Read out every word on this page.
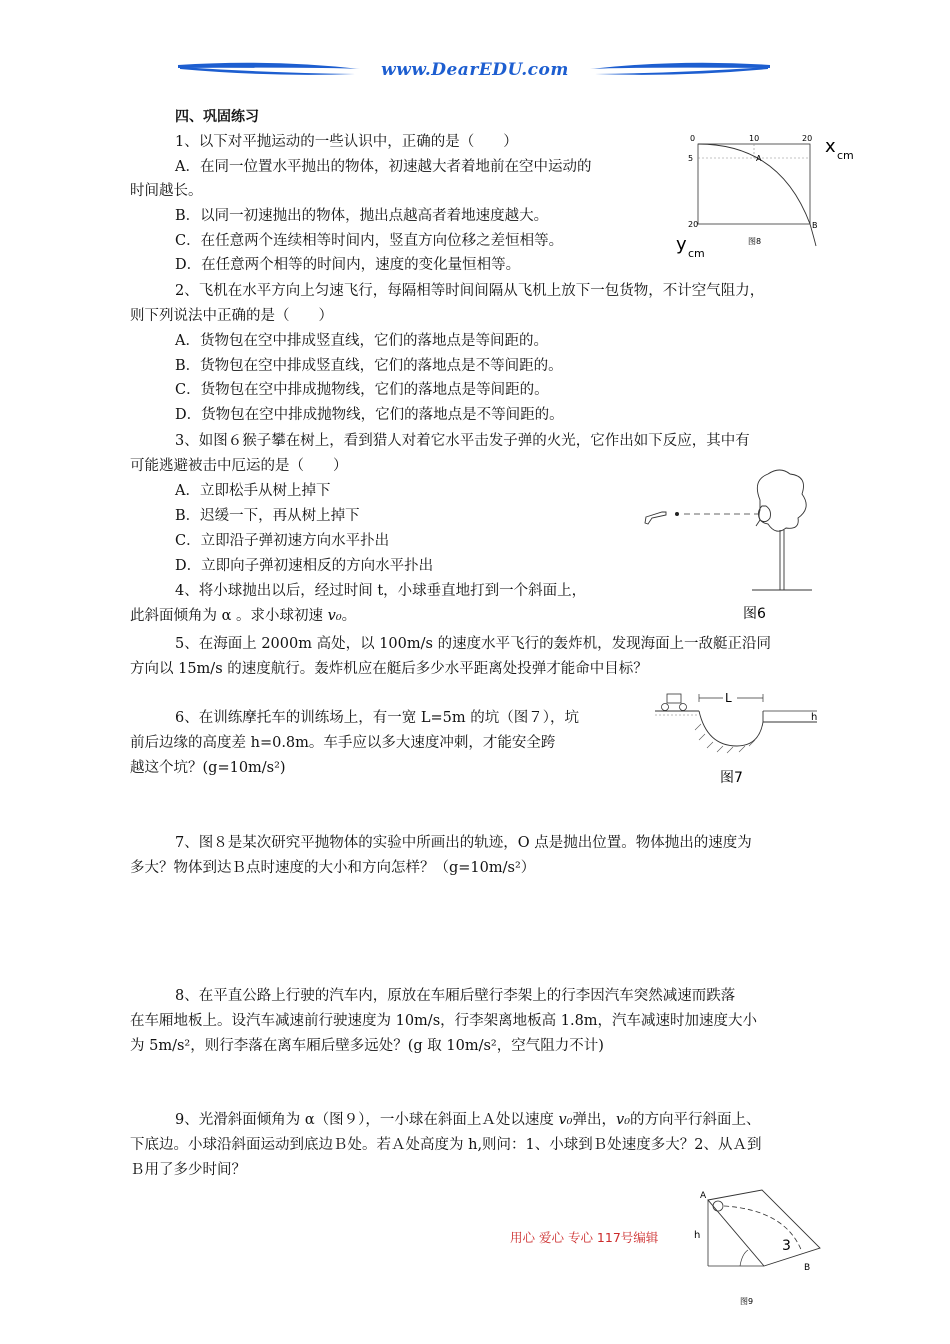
www.DearEDU.com
四、巩固练习
1、以下对平抛运动的一些认识中，正确的是（　　）
A．在同一位置水平抛出的物体，初速越大者着地前在空中运动的
时间越长。
B．以同一初速抛出的物体，抛出点越高者着地速度越大。
C．在任意两个连续相等时间内，竖直方向位移之差恒相等。
D．在任意两个相等的时间内，速度的变化量恒相等。
2、飞机在水平方向上匀速飞行，每隔相等时间间隔从飞机上放下一包货物，不计空气阻力，
则下列说法中正确的是（　　）
A．货物包在空中排成竖直线，它们的落地点是等间距的。
B．货物包在空中排成竖直线，它们的落地点是不等间距的。
C．货物包在空中排成抛物线，它们的落地点是等间距的。
D．货物包在空中排成抛物线，它们的落地点是不等间距的。
3、如图６猴子攀在树上，看到猎人对着它水平击发子弹的火光，它作出如下反应，其中有
可能逃避被击中厄运的是（　　）
A．立即松手从树上掉下
B．迟缓一下，再从树上掉下
C．立即沿子弹初速方向水平扑出
D．立即向子弹初速相反的方向水平扑出
4、将小球抛出以后，经过时间 t，小球垂直地打到一个斜面上，
此斜面倾角为 α 。求小球初速 v₀。
5、在海面上 2000m 高处，以 100m/s 的速度水平飞行的轰炸机，发现海面上一敌艇正沿同
方向以 15m/s 的速度航行。轰炸机应在艇后多少水平距离处投弹才能命中目标？
6、在训练摩托车的训练场上，有一宽 L=5m 的坑（图７），坑
前后边缘的高度差 h=0.8m。车手应以多大速度冲刺，才能安全跨
越这个坑？(g=10m/s²)
7、图８是某次研究平抛物体的实验中所画出的轨迹，O 点是抛出位置。物体抛出的速度为
多大？物体到达Ｂ点时速度的大小和方向怎样？（g=10m/s²）
8、在平直公路上行驶的汽车内，原放在车厢后壁行李架上的行李因汽车突然减速而跌落
在车厢地板上。设汽车减速前行驶速度为 10m/s，行李架离地板高 1.8m，汽车减速时加速度大小
为 5m/s²，则行李落在离车厢后壁多远处？(g 取 10m/s²，空气阻力不计)
9、光滑斜面倾角为 α（图９），一小球在斜面上Ａ处以速度 v₀弹出，v₀的方向平行斜面上、
下底边。小球沿斜面运动到底边Ｂ处。若Ａ处高度为 h,则问：1、小球到Ｂ处速度多大？2、从Ａ到
Ｂ用了多少时间？
0	10	20
5
20
A
B
x cm
y cm
图8
图6
L
h
图7
A
h
B
3
图9
用心 爱心 专心 117号编辑
